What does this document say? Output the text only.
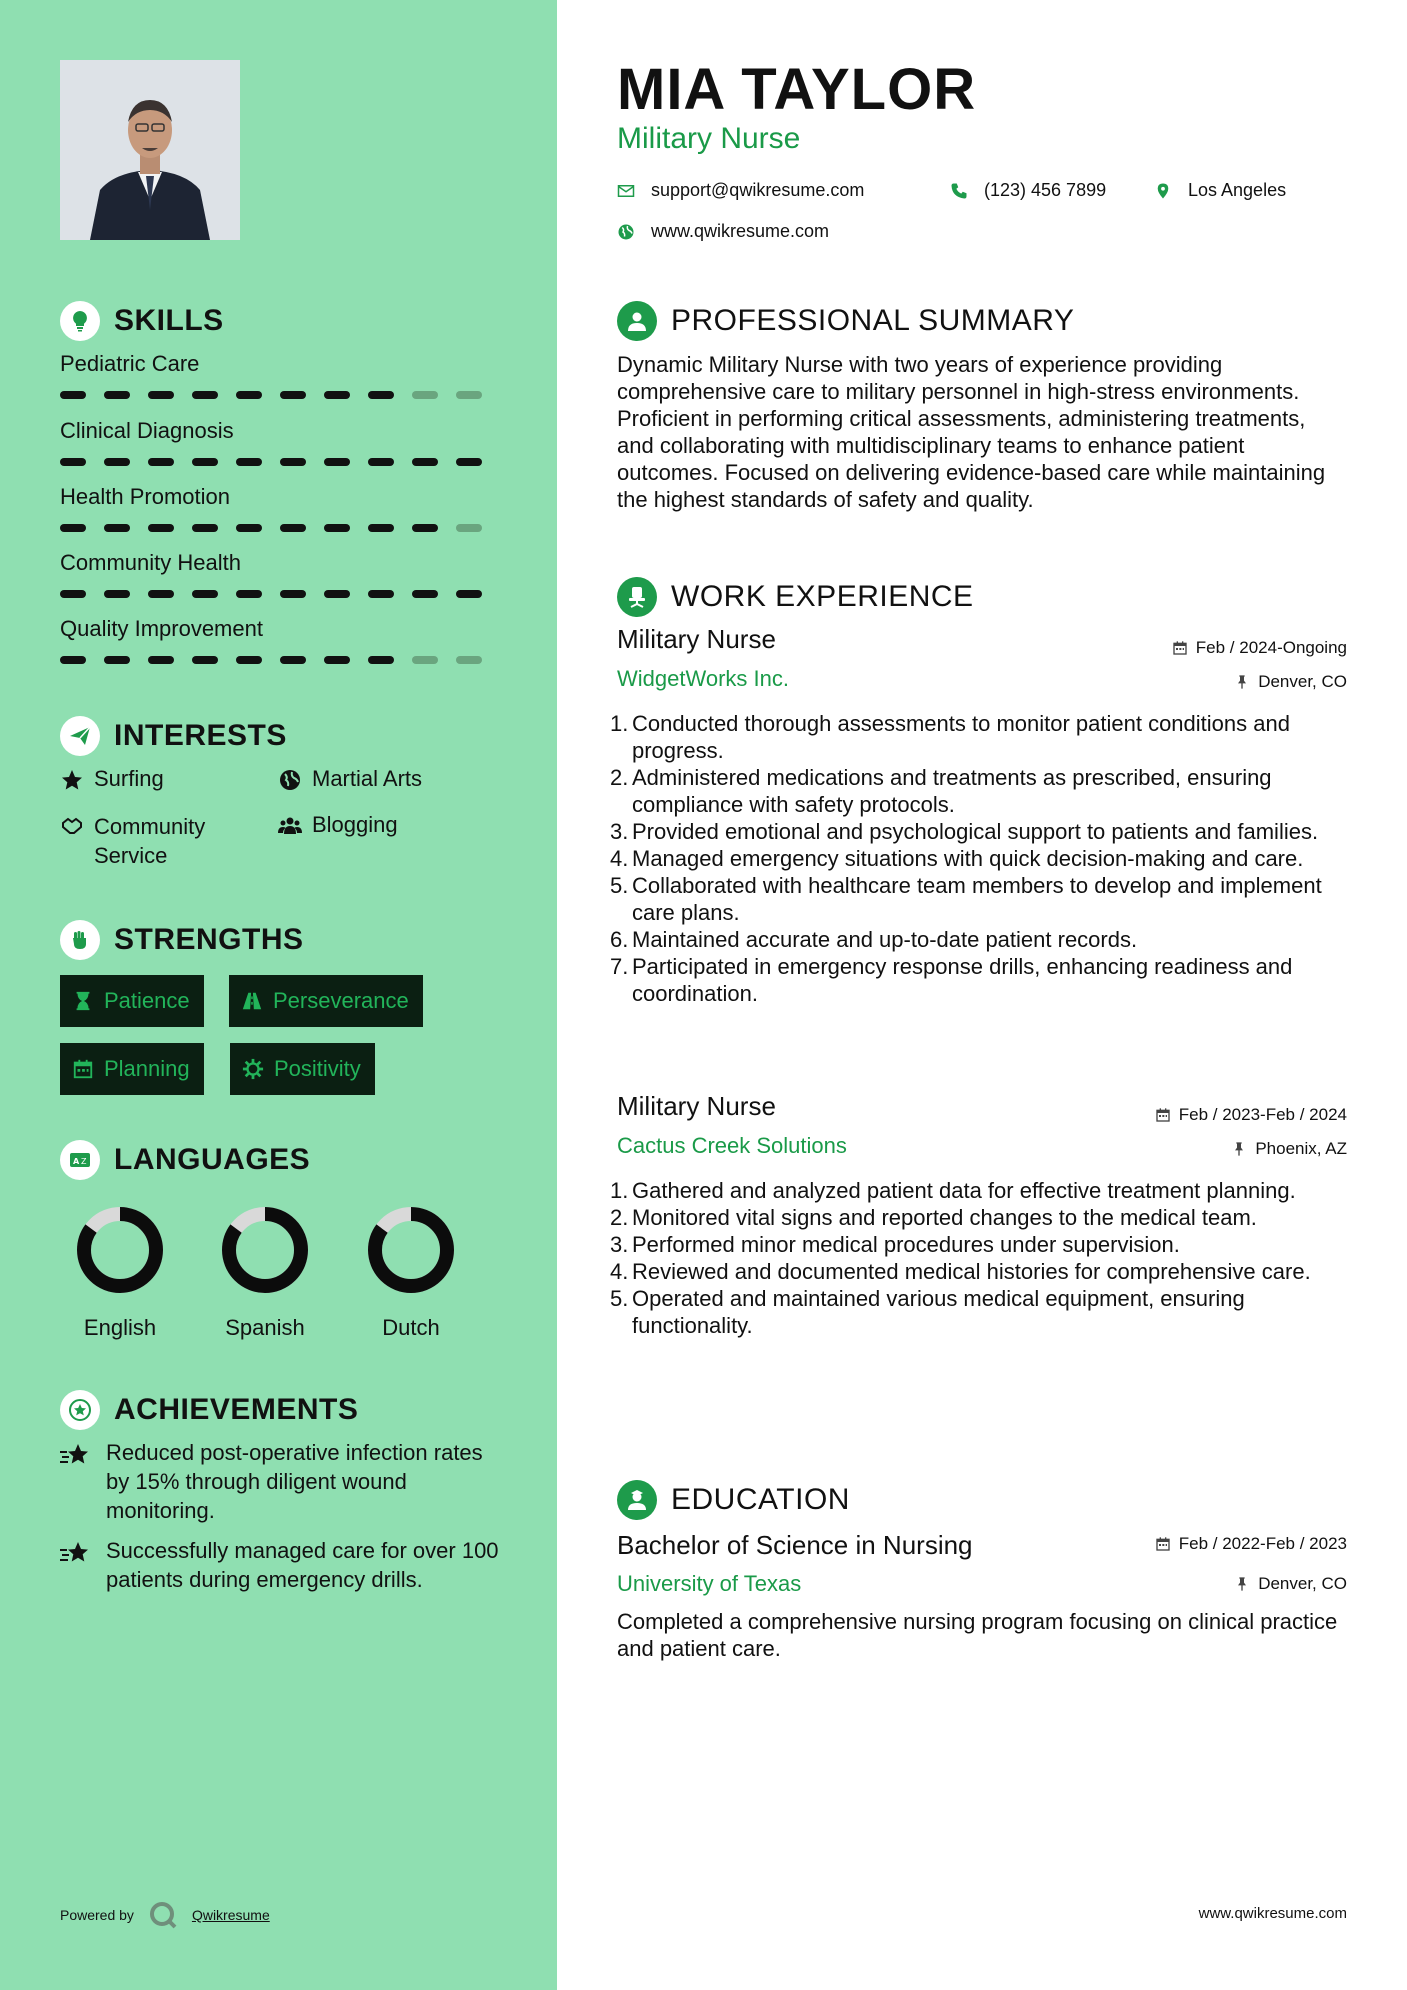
SKILLS
Pediatric Care
Clinical Diagnosis
Health Promotion
Community Health
Quality Improvement
INTERESTS
Surfing	Martial Arts
Community
Service
Blogging
STRENGTHS
Patience	Perseverance
Planning	Positivity
A Z LANGUAGES
English	Spanish	Dutch
ACHIEVEMENTS
Reduced post-operative infection rates by 15% through diligent wound monitoring.
Successfully managed care for over 100 patients during emergency drills.
Powered by	Qwikresume
MIA TAYLOR
Military Nurse
support@qwikresume.com	(123) 456 7899	Los Angeles
www.qwikresume.com
PROFESSIONAL SUMMARY
Dynamic Military Nurse with two years of experience providing comprehensive care to military personnel in high-stress environments. Proficient in performing critical assessments, administering treatments, and collaborating with multidisciplinary teams to enhance patient outcomes. Focused on delivering evidence-based care while maintaining the highest standards of safety and quality.
WORK EXPERIENCE
Military Nurse	Feb / 2024-Ongoing
WidgetWorks Inc.	Denver, CO
1. Conducted thorough assessments to monitor patient conditions and progress.
2. Administered medications and treatments as prescribed, ensuring compliance with safety protocols.
3. Provided emotional and psychological support to patients and families.
4. Managed emergency situations with quick decision-making and care.
5. Collaborated with healthcare team members to develop and implement care plans.
6. Maintained accurate and up-to-date patient records.
7. Participated in emergency response drills, enhancing readiness and coordination.
Military Nurse	Feb / 2023-Feb / 2024
Cactus Creek Solutions	Phoenix, AZ
1. Gathered and analyzed patient data for effective treatment planning.
2. Monitored vital signs and reported changes to the medical team.
3. Performed minor medical procedures under supervision.
4. Reviewed and documented medical histories for comprehensive care.
5. Operated and maintained various medical equipment, ensuring functionality.
EDUCATION
Bachelor of Science in Nursing	Feb / 2022-Feb / 2023
University of Texas	Denver, CO
Completed a comprehensive nursing program focusing on clinical practice and patient care.
www.qwikresume.com
